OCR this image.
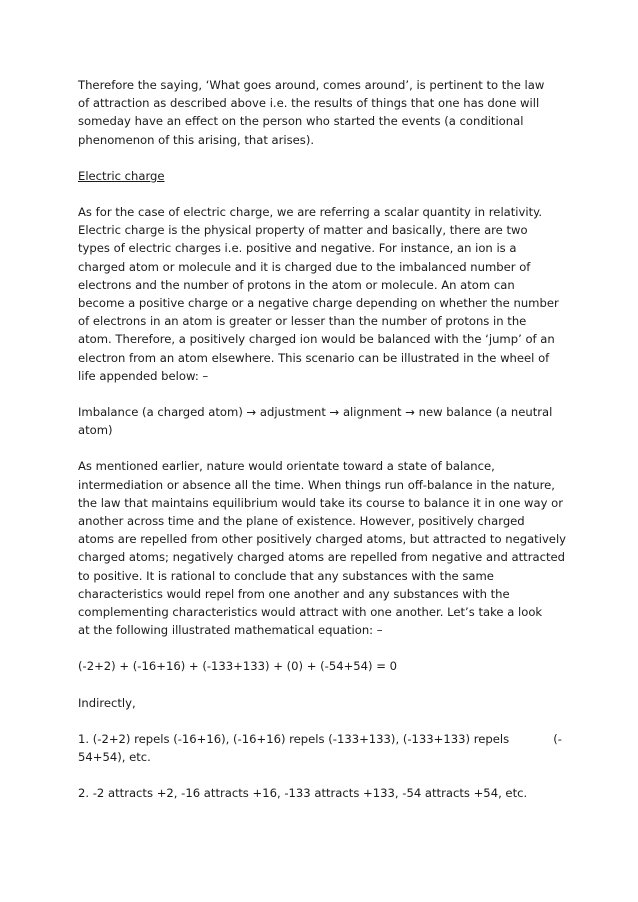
Therefore the saying, ‘What goes around, comes around’, is pertinent to the law
of attraction as described above i.e. the results of things that one has done will
someday have an effect on the person who started the events (a conditional
phenomenon of this arising, that arises).
Electric charge
As for the case of electric charge, we are referring a scalar quantity in relativity.
Electric charge is the physical property of matter and basically, there are two
types of electric charges i.e. positive and negative. For instance, an ion is a
charged atom or molecule and it is charged due to the imbalanced number of
electrons and the number of protons in the atom or molecule. An atom can
become a positive charge or a negative charge depending on whether the number
of electrons in an atom is greater or lesser than the number of protons in the
atom. Therefore, a positively charged ion would be balanced with the ‘jump’ of an
electron from an atom elsewhere. This scenario can be illustrated in the wheel of
life appended below: –
Imbalance (a charged atom) → adjustment → alignment → new balance (a neutral
atom)
As mentioned earlier, nature would orientate toward a state of balance,
intermediation or absence all the time. When things run off-balance in the nature,
the law that maintains equilibrium would take its course to balance it in one way or
another across time and the plane of existence. However, positively charged
atoms are repelled from other positively charged atoms, but attracted to negatively
charged atoms; negatively charged atoms are repelled from negative and attracted
to positive. It is rational to conclude that any substances with the same
characteristics would repel from one another and any substances with the
complementing characteristics would attract with one another. Let’s take a look
at the following illustrated mathematical equation: –
(-2+2) + (-16+16) + (-133+133) + (0) + (-54+54) = 0
Indirectly,
1. (-2+2) repels (-16+16), (-16+16) repels (-133+133), (-133+133) repels	(-
54+54), etc.
2. -2 attracts +2, -16 attracts +16, -133 attracts +133, -54 attracts +54, etc.
